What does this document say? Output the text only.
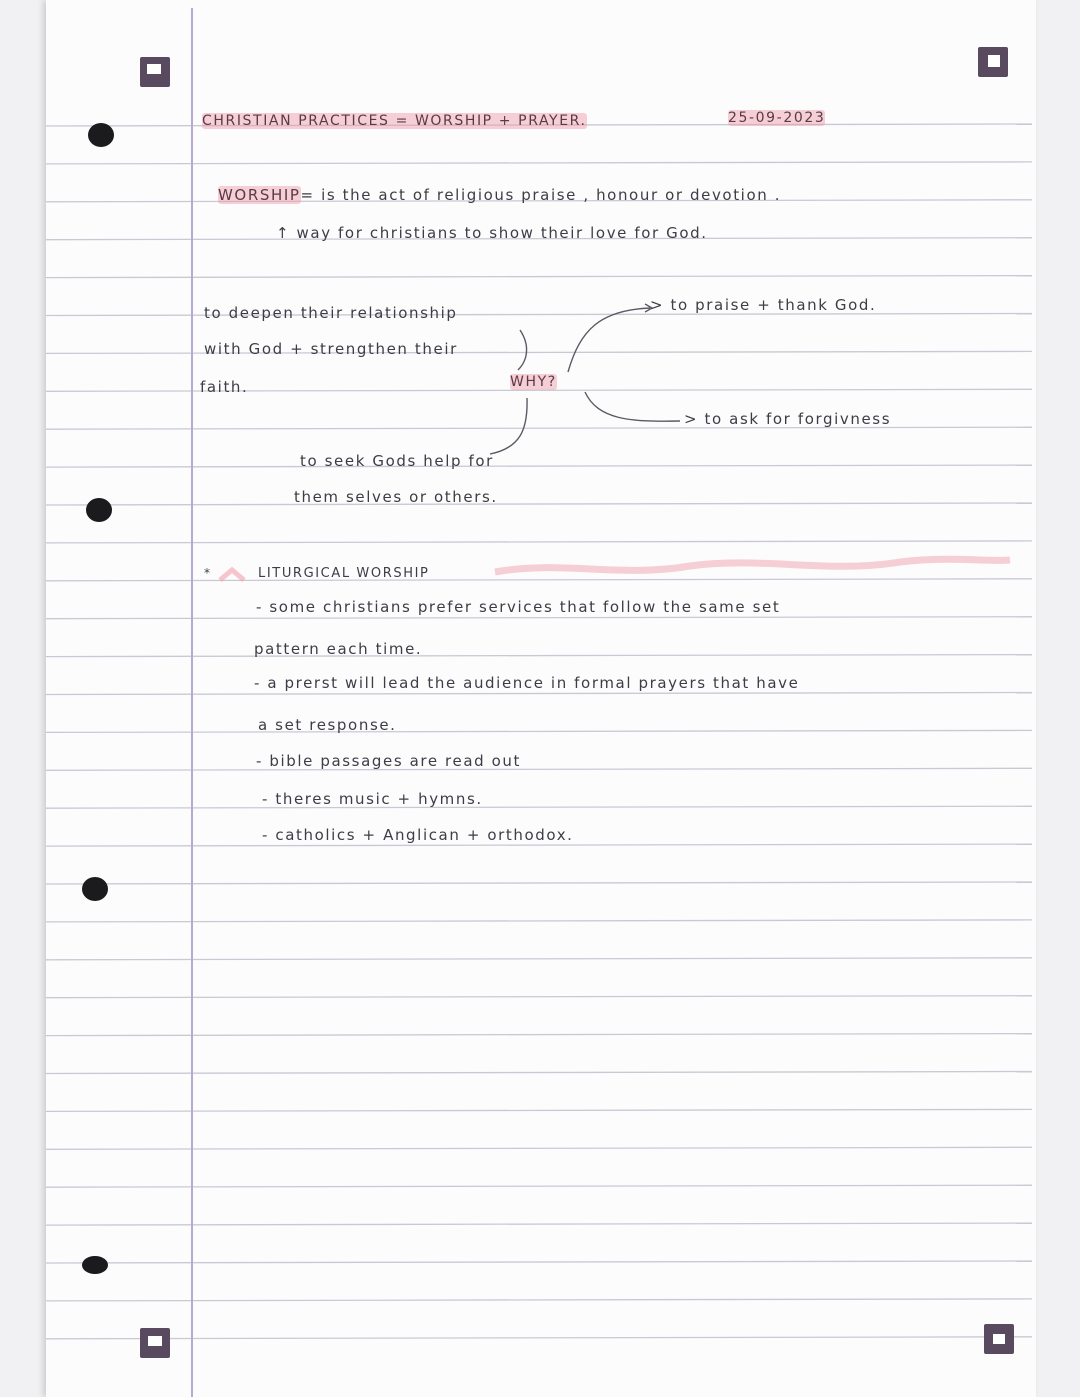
CHRISTIAN PRACTICES = WORSHIP + PRAYER.	25-09-2023
WORSHIP= is the act of religious praise , honour or devotion .
↑ way for christians to show their love for God.
to deepen their relationship
with God + strengthen their
faith.	WHY?
> to praise + thank God.
> to ask for forgivness
to seek Gods help for
them selves or others.
*	LITURGICAL WORSHIP
- some christians prefer services that follow the same set
pattern each time.
- a prerst will lead the audience in formal prayers that have
a set response.
- bible passages are read out
- theres music + hymns.
- catholics + Anglican + orthodox.
